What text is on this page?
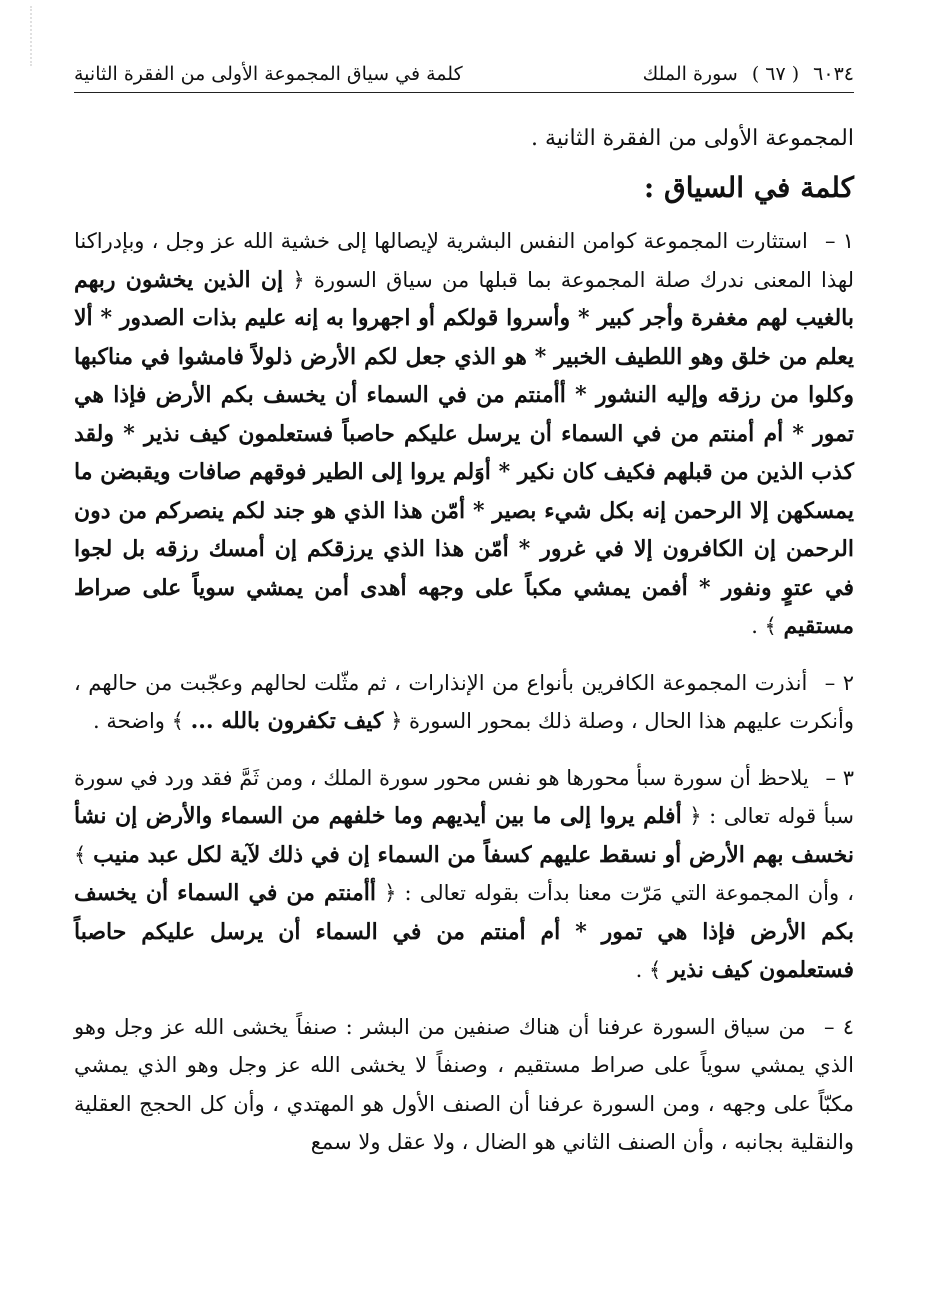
٦٠٣٤
( ٦٧ )
سورة الملك
كلمة في سياق المجموعة الأولى من الفقرة الثانية

المجموعة الأولى من الفقرة الثانية .

كلمة في السياق :

١ – استثارت المجموعة كوامن النفس البشرية لإيصالها إلى خشية الله عز وجل ، وبإدراكنا لهذا المعنى ندرك صلة المجموعة بما قبلها من سياق السورة ﴿ إن الذين يخشون ربهم بالغيب لهم مغفرة وأجر كبير * وأسروا قولكم أو اجهروا به إنه عليم بذات الصدور * ألا يعلم من خلق وهو اللطيف الخبير * هو الذي جعل لكم الأرض ذلولاً فامشوا في مناكبها وكلوا من رزقه وإليه النشور * أأمنتم من في السماء أن يخسف بكم الأرض فإذا هي تمور * أم أمنتم من في السماء أن يرسل عليكم حاصباً فستعلمون كيف نذير * ولقد كذب الذين من قبلهم فكيف كان نكير * أوَلم يروا إلى الطير فوقهم صافات ويقبضن ما يمسكهن إلا الرحمن إنه بكل شيء بصير * أمّن هذا الذي هو جند لكم ينصركم من دون الرحمن إن الكافرون إلا في غرور * أمّن هذا الذي يرزقكم إن أمسك رزقه بل لجوا في عتوٍ ونفور * أفمن يمشي مكباً على وجهه أهدى أمن يمشي سوياً على صراط مستقيم ﴾ .

٢ – أنذرت المجموعة الكافرين بأنواع من الإنذارات ، ثم مثّلت لحالهم وعجّبت من حالهم ، وأنكرت عليهم هذا الحال ، وصلة ذلك بمحور السورة ﴿ كيف تكفرون بالله ... ﴾ واضحة .

٣ – يلاحظ أن سورة سبأ محورها هو نفس محور سورة الملك ، ومن ثَمَّ فقد ورد في سورة سبأ قوله تعالى : ﴿ أفلم يروا إلى ما بين أيديهم وما خلفهم من السماء والأرض إن نشأ نخسف بهم الأرض أو نسقط عليهم كسفاً من السماء إن في ذلك لآية لكل عبد منيب ﴾ ، وأن المجموعة التي مَرّت معنا بدأت بقوله تعالى : ﴿ أأمنتم من في السماء أن يخسف بكم الأرض فإذا هي تمور * أم أمنتم من في السماء أن يرسل عليكم حاصباً فستعلمون كيف نذير ﴾ .

٤ – من سياق السورة عرفنا أن هناك صنفين من البشر : صنفاً يخشى الله عز وجل وهو الذي يمشي سوياً على صراط مستقيم ، وصنفاً لا يخشى الله عز وجل وهو الذي يمشي مكبّاً على وجهه ، ومن السورة عرفنا أن الصنف الأول هو المهتدي ، وأن كل الحجج العقلية والنقلية بجانبه ، وأن الصنف الثاني هو الضال ، ولا عقل ولا سمع
